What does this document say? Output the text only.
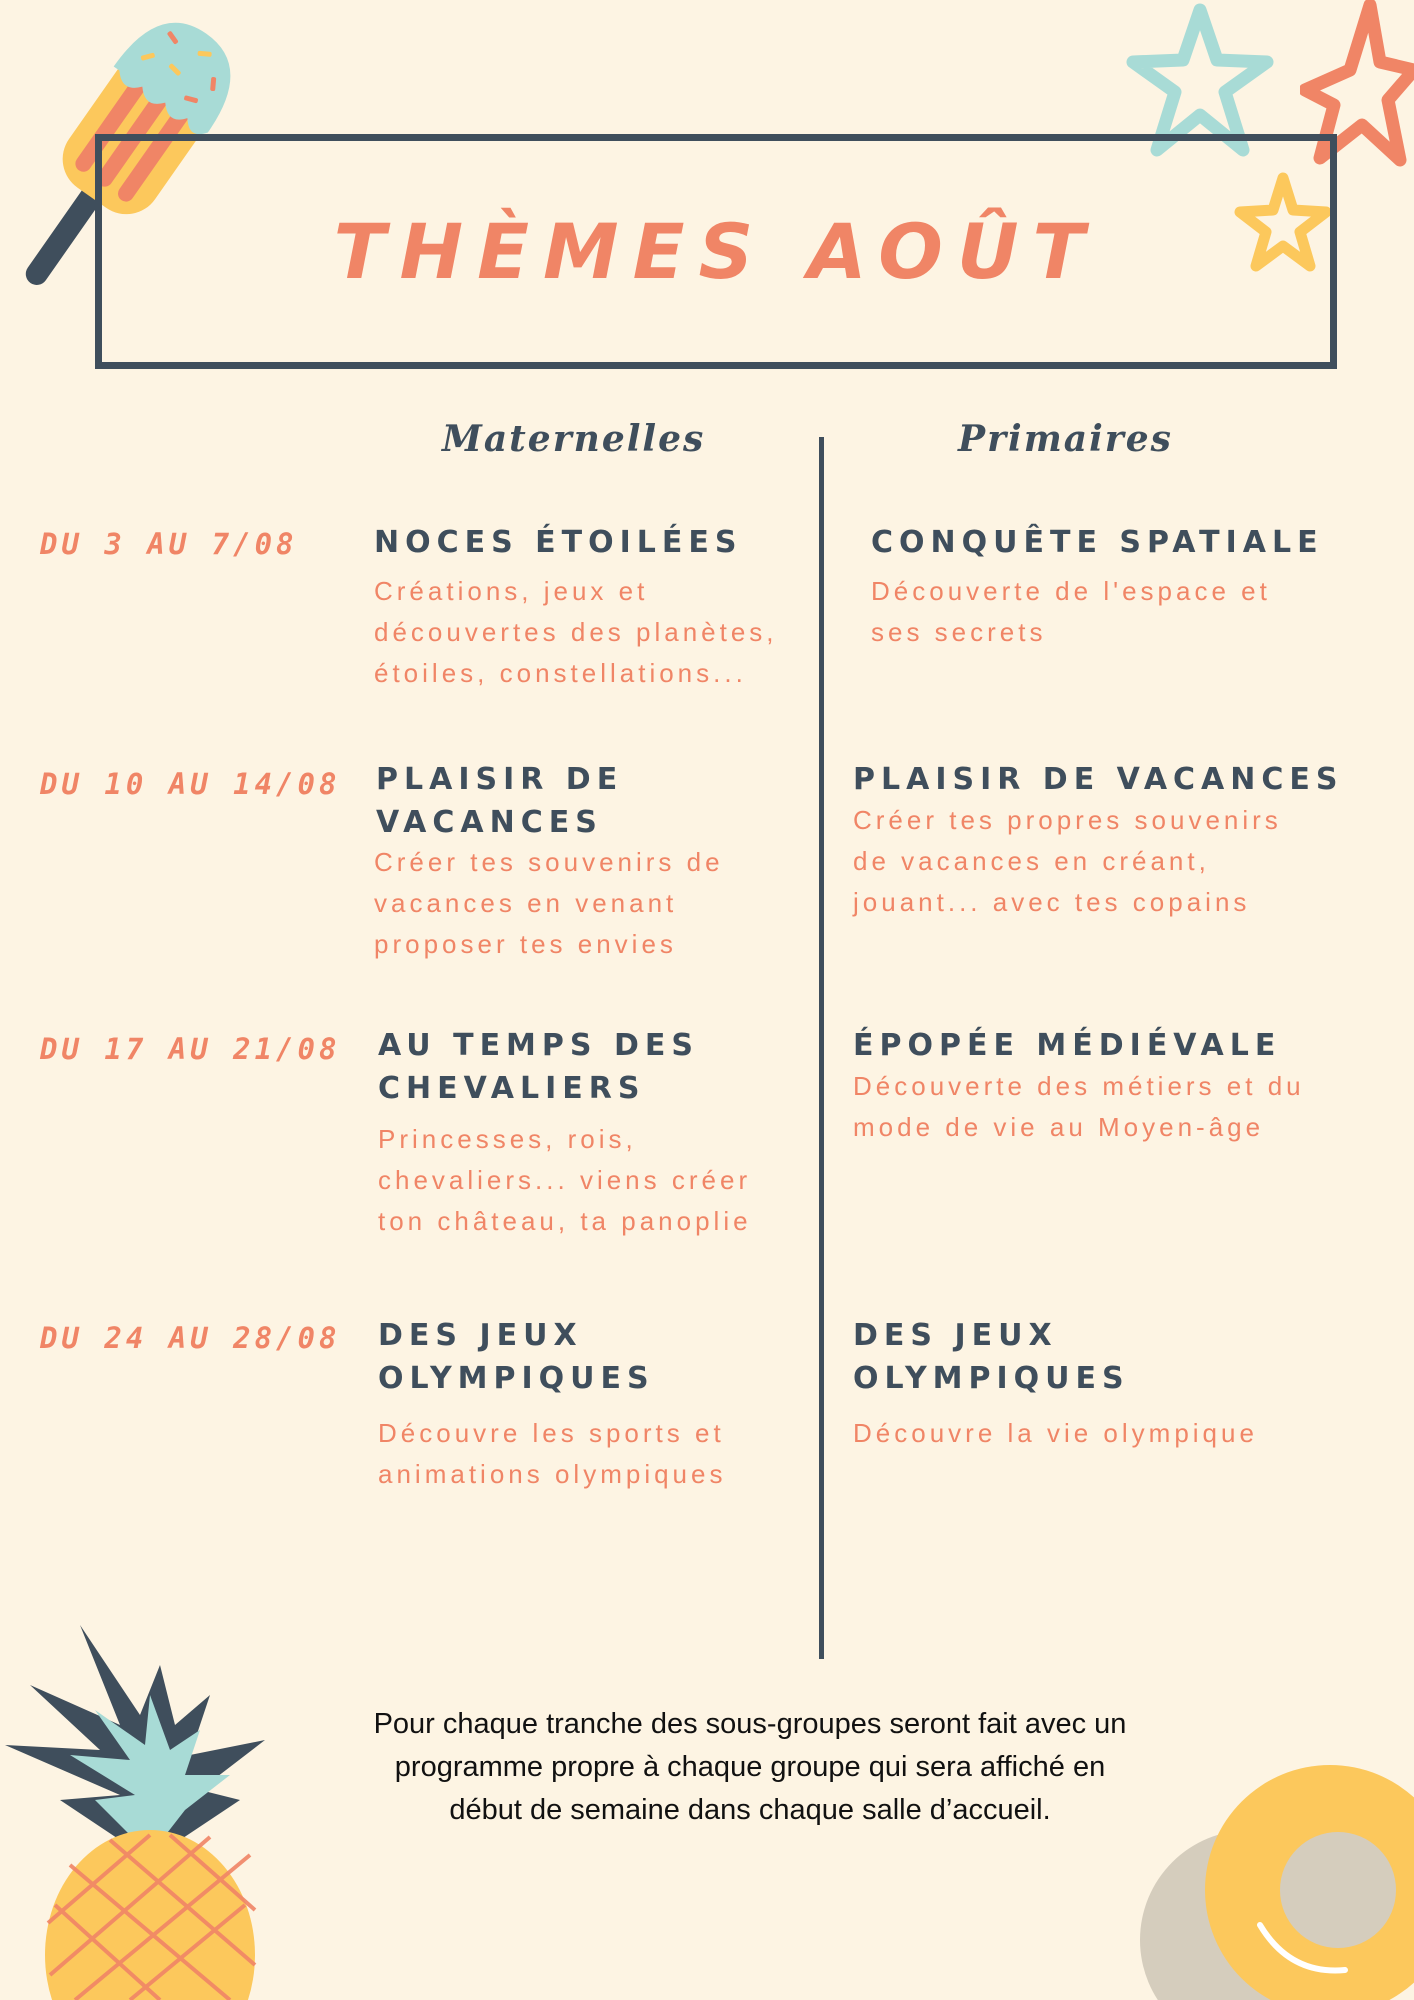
THÈMES AOÛT
Maternelles	Primaires
DU 3 AU 7/08	NOCES ÉTOILÉES
Créations, jeux et découvertes des planètes, étoiles, constellations...
CONQUÊTE SPATIALE
Découverte de l'espace et ses secrets
DU 10 AU 14/08 PLAISIR DE VACANCES
Créer tes souvenirs de vacances en venant proposer tes envies
PLAISIR DE VACANCES
Créer tes propres souvenirs de vacances en créant, jouant... avec tes copains
DU 17 AU 21/08 AU TEMPS DES CHEVALIERS
Princesses, rois, chevaliers... viens créer ton château, ta panoplie
ÉPOPÉE MÉDIÉVALE
Découverte des métiers et du mode de vie au Moyen-âge
DU 24 AU 28/08 DES JEUX OLYMPIQUES
Découvre les sports et animations olympiques
DES JEUX OLYMPIQUES
Découvre la vie olympique
Pour chaque tranche des sous-groupes seront fait avec un programme propre à chaque groupe qui sera affiché en début de semaine dans chaque salle d’accueil.
